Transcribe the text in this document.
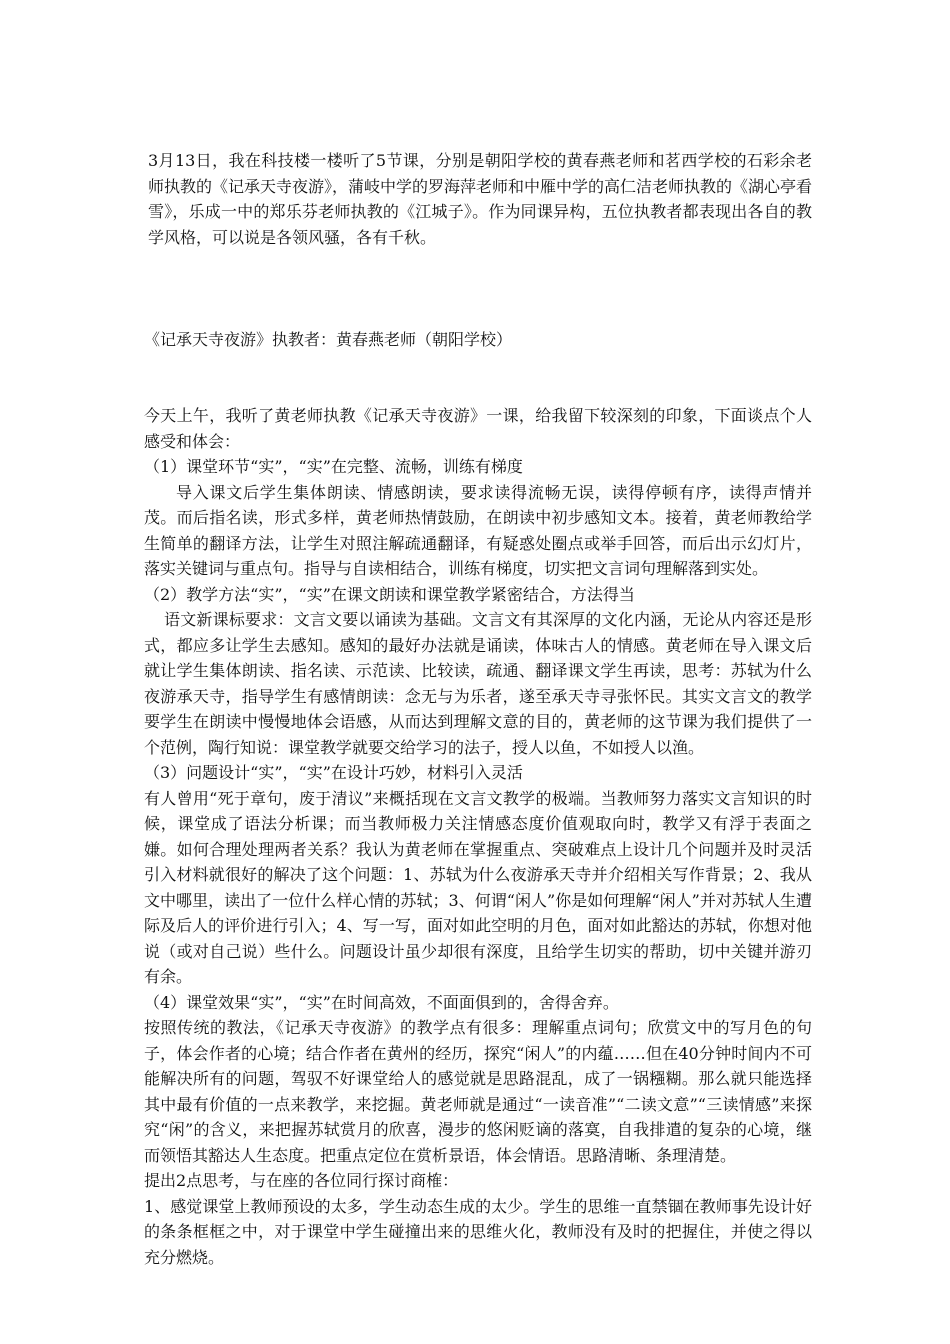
3月13日，我在科技楼一楼听了5节课，分别是朝阳学校的黄春燕老师和茗西学校的石彩余老师执教的《记承天寺夜游》，蒲岐中学的罗海萍老师和中雁中学的高仁洁老师执教的《湖心亭看雪》，乐成一中的郑乐芬老师执教的《江城子》。作为同课异构，五位执教者都表现出各自的教学风格，可以说是各领风骚，各有千秋。

《记承天寺夜游》执教者：黄春燕老师（朝阳学校）

今天上午，我听了黄老师执教《记承天寺夜游》一课，给我留下较深刻的印象，下面谈点个人感受和体会：

（1）课堂环节“实”，“实”在完整、流畅，训练有梯度

导入课文后学生集体朗读、情感朗读，要求读得流畅无误，读得停顿有序，读得声情并茂。而后指名读，形式多样，黄老师热情鼓励，在朗读中初步感知文本。接着，黄老师教给学生简单的翻译方法，让学生对照注解疏通翻译，有疑惑处圈点或举手回答，而后出示幻灯片，落实关键词与重点句。指导与自读相结合，训练有梯度，切实把文言词句理解落到实处。

（2）教学方法“实”，“实”在课文朗读和课堂教学紧密结合，方法得当

语文新课标要求：文言文要以诵读为基础。文言文有其深厚的文化内涵，无论从内容还是形式，都应多让学生去感知。感知的最好办法就是诵读，体味古人的情感。黄老师在导入课文后就让学生集体朗读、指名读、示范读、比较读，疏通、翻译课文学生再读，思考：苏轼为什么夜游承天寺，指导学生有感情朗读：念无与为乐者，遂至承天寺寻张怀民。其实文言文的教学要学生在朗读中慢慢地体会语感，从而达到理解文意的目的，黄老师的这节课为我们提供了一个范例，陶行知说：课堂教学就要交给学习的法子，授人以鱼，不如授人以渔。

（3）问题设计“实”，“实”在设计巧妙，材料引入灵活

有人曾用“死于章句，废于清议”来概括现在文言文教学的极端。当教师努力落实文言知识的时候，课堂成了语法分析课；而当教师极力关注情感态度价值观取向时，教学又有浮于表面之嫌。如何合理处理两者关系？我认为黄老师在掌握重点、突破难点上设计几个问题并及时灵活引入材料就很好的解决了这个问题：1、苏轼为什么夜游承天寺并介绍相关写作背景；2、我从文中哪里，读出了一位什么样心情的苏轼；3、何谓“闲人”你是如何理解“闲人”并对苏轼人生遭际及后人的评价进行引入；4、写一写，面对如此空明的月色，面对如此豁达的苏轼，你想对他说（或对自己说）些什么。问题设计虽少却很有深度，且给学生切实的帮助，切中关键并游刃有余。

（4）课堂效果“实”，“实”在时间高效，不面面俱到的，舍得舍弃。

按照传统的教法，《记承天寺夜游》的教学点有很多：理解重点词句；欣赏文中的写月色的句子，体会作者的心境；结合作者在黄州的经历，探究“闲人”的内蕴……但在40分钟时间内不可能解决所有的问题，驾驭不好课堂给人的感觉就是思路混乱，成了一锅糨糊。那么就只能选择其中最有价值的一点来教学，来挖掘。黄老师就是通过“一读音准”“二读文意”“三读情感”来探究“闲”的含义，来把握苏轼赏月的欣喜，漫步的悠闲贬谪的落寞，自我排遣的复杂的心境，继而领悟其豁达人生态度。把重点定位在赏析景语，体会情语。思路清晰、条理清楚。

提出2点思考，与在座的各位同行探讨商榷：

1、感觉课堂上教师预设的太多，学生动态生成的太少。学生的思维一直禁锢在教师事先设计好的条条框框之中，对于课堂中学生碰撞出来的思维火化，教师没有及时的把握住，并使之得以充分燃烧。
